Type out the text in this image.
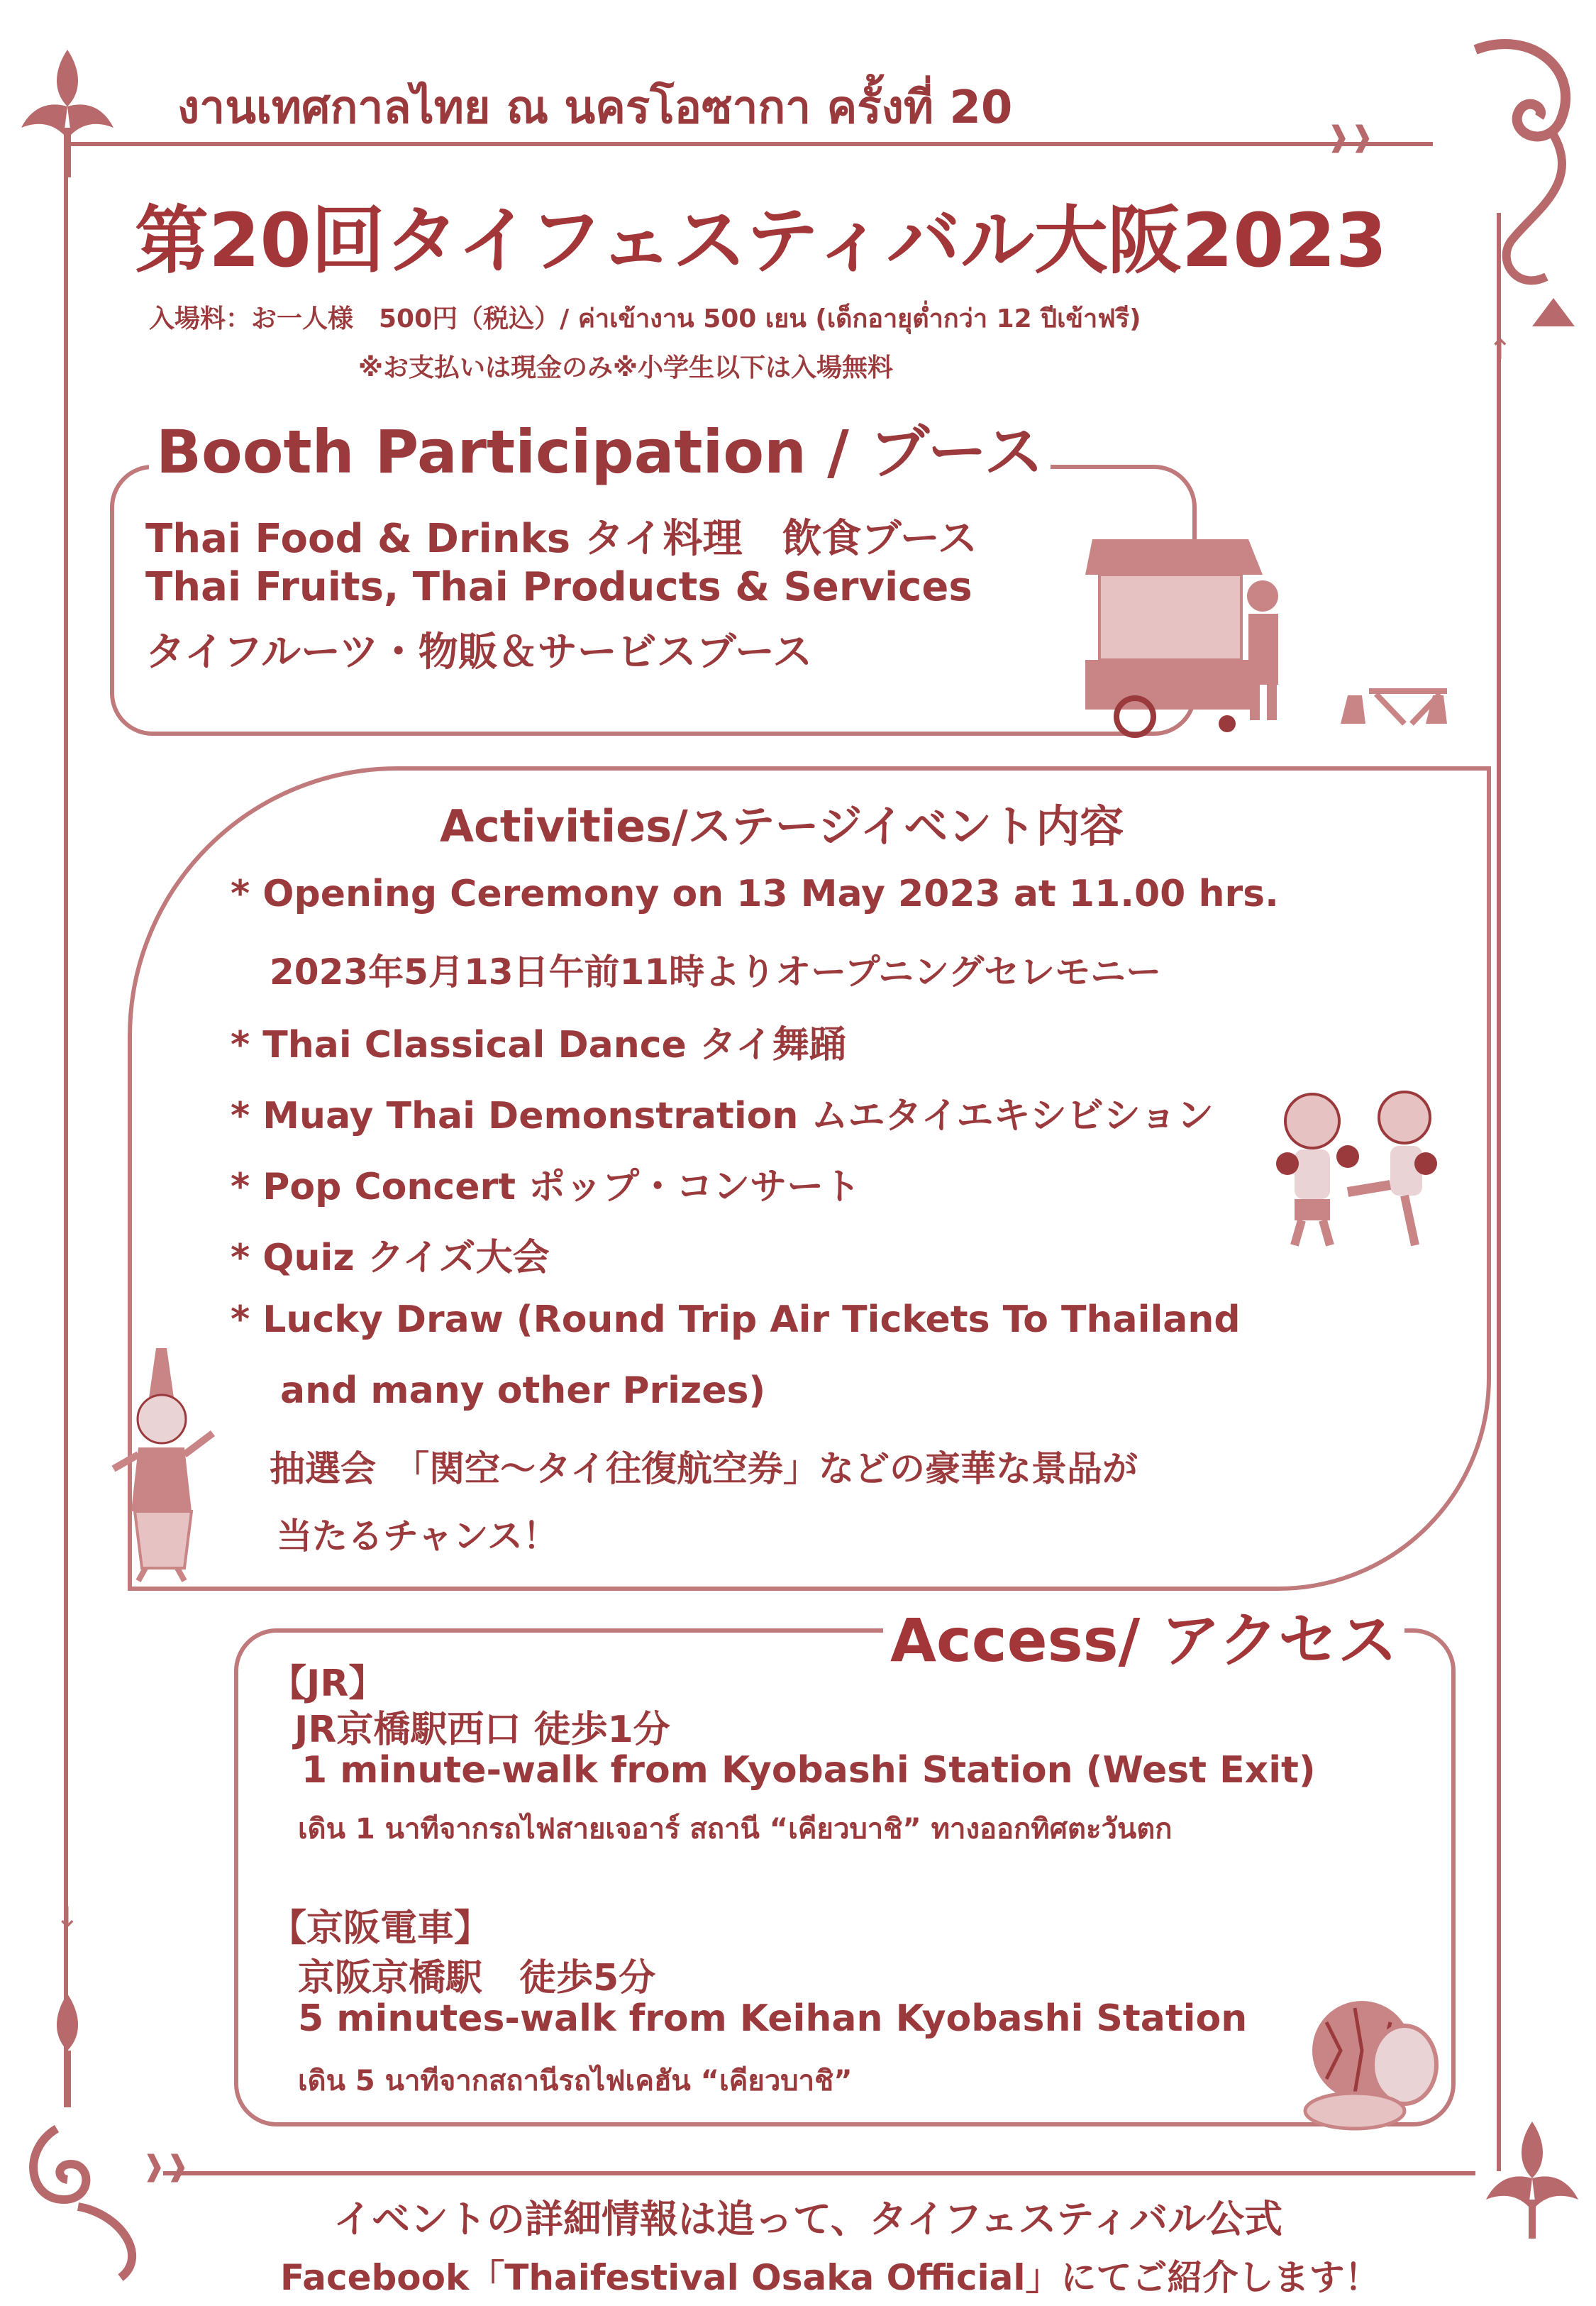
❱❱
❱❱
↓
↑
งานเทศกาลไทย ณ นครโอซากา ครั้งที่ 20
第20回タイフェスティバル大阪2023
入場料：お一人様　500円（税込）/ ค่าเข้างาน 500 เยน (เด็กอายุต่ำกว่า 12 ปีเข้าฟรี)
※お支払いは現金のみ※小学生以下は入場無料
Booth Participation / ブース
Thai Food & Drinks タイ料理　飲食ブース
Thai Fruits, Thai Products & Services
タイフルーツ・物販＆サービスブース
Activities/ステージイベント内容
* Opening Ceremony on 13 May 2023 at 11.00 hrs.
2023年5月13日午前11時よりオープニングセレモニー
* Thai Classical Dance タイ舞踊
* Muay Thai Demonstration ムエタイエキシビション
* Pop Concert ポップ・コンサート
* Quiz クイズ大会
* Lucky Draw (Round Trip Air Tickets To Thailand
and many other Prizes)
抽選会　「関空～タイ往復航空券」などの豪華な景品が
当たるチャンス！
Access/ アクセス
【JR】
JR京橋駅西口 徒歩1分
1 minute-walk from Kyobashi Station (West Exit)
เดิน 1 นาทีจากรถไฟสายเจอาร์ สถานี “เคียวบาชิ” ทางออกทิศตะวันตก
【京阪電車】
京阪京橋駅　徒歩5分
5 minutes-walk from Keihan Kyobashi Station
เดิน 5 นาทีจากสถานีรถไฟเคฮัน “เคียวบาชิ”
イベントの詳細情報は追って、タイフェスティバル公式
Facebook「Thaifestival Osaka Official」にてご紹介します！
